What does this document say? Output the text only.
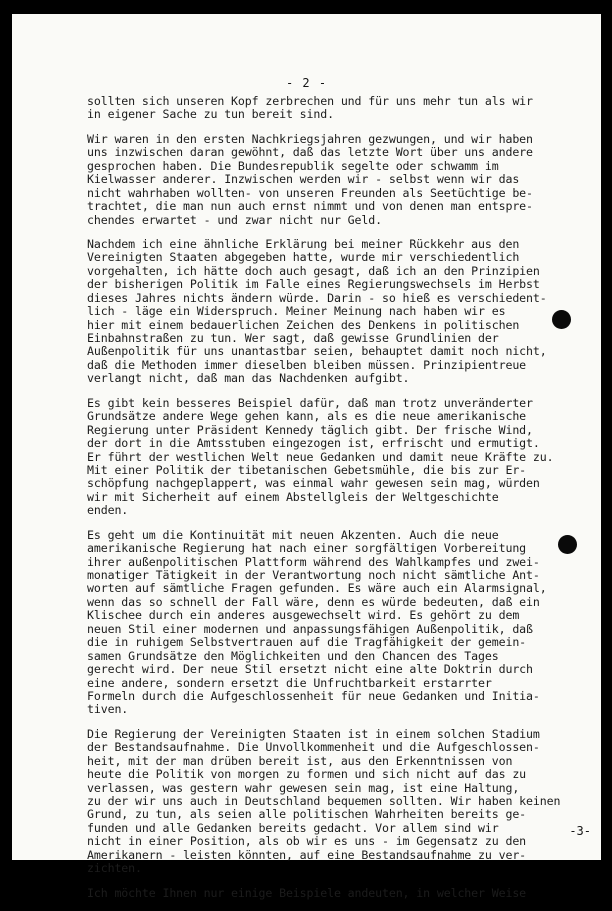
- 2 -
sollten sich unseren Kopf zerbrechen und für uns mehr tun als wir
in eigener Sache zu tun bereit sind.
Wir waren in den ersten Nachkriegsjahren gezwungen, und wir haben
uns inzwischen daran gewöhnt, daß das letzte Wort über uns andere
gesprochen haben. Die Bundesrepublik segelte oder schwamm im
Kielwasser anderer. Inzwischen werden wir - selbst wenn wir das
nicht wahrhaben wollten- von unseren Freunden als Seetüchtige be-
trachtet, die man nun auch ernst nimmt und von denen man entspre-
chendes erwartet - und zwar nicht nur Geld.
Nachdem ich eine ähnliche Erklärung bei meiner Rückkehr aus den
Vereinigten Staaten abgegeben hatte, wurde mir verschiedentlich
vorgehalten, ich hätte doch auch gesagt, daß ich an den Prinzipien
der bisherigen Politik im Falle eines Regierungswechsels im Herbst
dieses Jahres nichts ändern würde. Darin - so hieß es verschiedent-
lich - läge ein Widerspruch. Meiner Meinung nach haben wir es
hier mit einem bedauerlichen Zeichen des Denkens in politischen
Einbahnstraßen zu tun. Wer sagt, daß gewisse Grundlinien der
Außenpolitik für uns unantastbar seien, behauptet damit noch nicht,
daß die Methoden immer dieselben bleiben müssen. Prinzipientreue
verlangt nicht, daß man das Nachdenken aufgibt.
Es gibt kein besseres Beispiel dafür, daß man trotz unveränderter
Grundsätze andere Wege gehen kann, als es die neue amerikanische
Regierung unter Präsident Kennedy täglich gibt. Der frische Wind,
der dort in die Amtsstuben eingezogen ist, erfrischt und ermutigt.
Er führt der westlichen Welt neue Gedanken und damit neue Kräfte zu.
Mit einer Politik der tibetanischen Gebetsmühle, die bis zur Er-
schöpfung nachgeplappert, was einmal wahr gewesen sein mag, würden
wir mit Sicherheit auf einem Abstellgleis der Weltgeschichte
enden.
Es geht um die Kontinuität mit neuen Akzenten. Auch die neue
amerikanische Regierung hat nach einer sorgfältigen Vorbereitung
ihrer außenpolitischen Plattform während des Wahlkampfes und zwei-
monatiger Tätigkeit in der Verantwortung noch nicht sämtliche Ant-
worten auf sämtliche Fragen gefunden. Es wäre auch ein Alarmsignal,
wenn das so schnell der Fall wäre, denn es würde bedeuten, daß ein
Klischee durch ein anderes ausgewechselt wird. Es gehört zu dem
neuen Stil einer modernen und anpassungsfähigen Außenpolitik, daß
die in ruhigem Selbstvertrauen auf die Tragfähigkeit der gemein-
samen Grundsätze den Möglichkeiten und den Chancen des Tages
gerecht wird. Der neue Stil ersetzt nicht eine alte Doktrin durch
eine andere, sondern ersetzt die Unfruchtbarkeit erstarrter
Formeln durch die Aufgeschlossenheit für neue Gedanken und Initia-
tiven.
Die Regierung der Vereinigten Staaten ist in einem solchen Stadium
der Bestandsaufnahme. Die Unvollkommenheit und die Aufgeschlossen-
heit, mit der man drüben bereit ist, aus den Erkenntnissen von
heute die Politik von morgen zu formen und sich nicht auf das zu
verlassen, was gestern wahr gewesen sein mag, ist eine Haltung,
zu der wir uns auch in Deutschland bequemen sollten. Wir haben keinen
Grund, zu tun, als seien alle politischen Wahrheiten bereits ge-
funden und alle Gedanken bereits gedacht. Vor allem sind wir
nicht in einer Position, als ob wir es uns - im Gegensatz zu den
Amerikanern - leisten könnten, auf eine Bestandsaufnahme zu ver-
zichten.
Ich möchte Ihnen nur einige Beispiele andeuten, in welcher Weise
-3-
